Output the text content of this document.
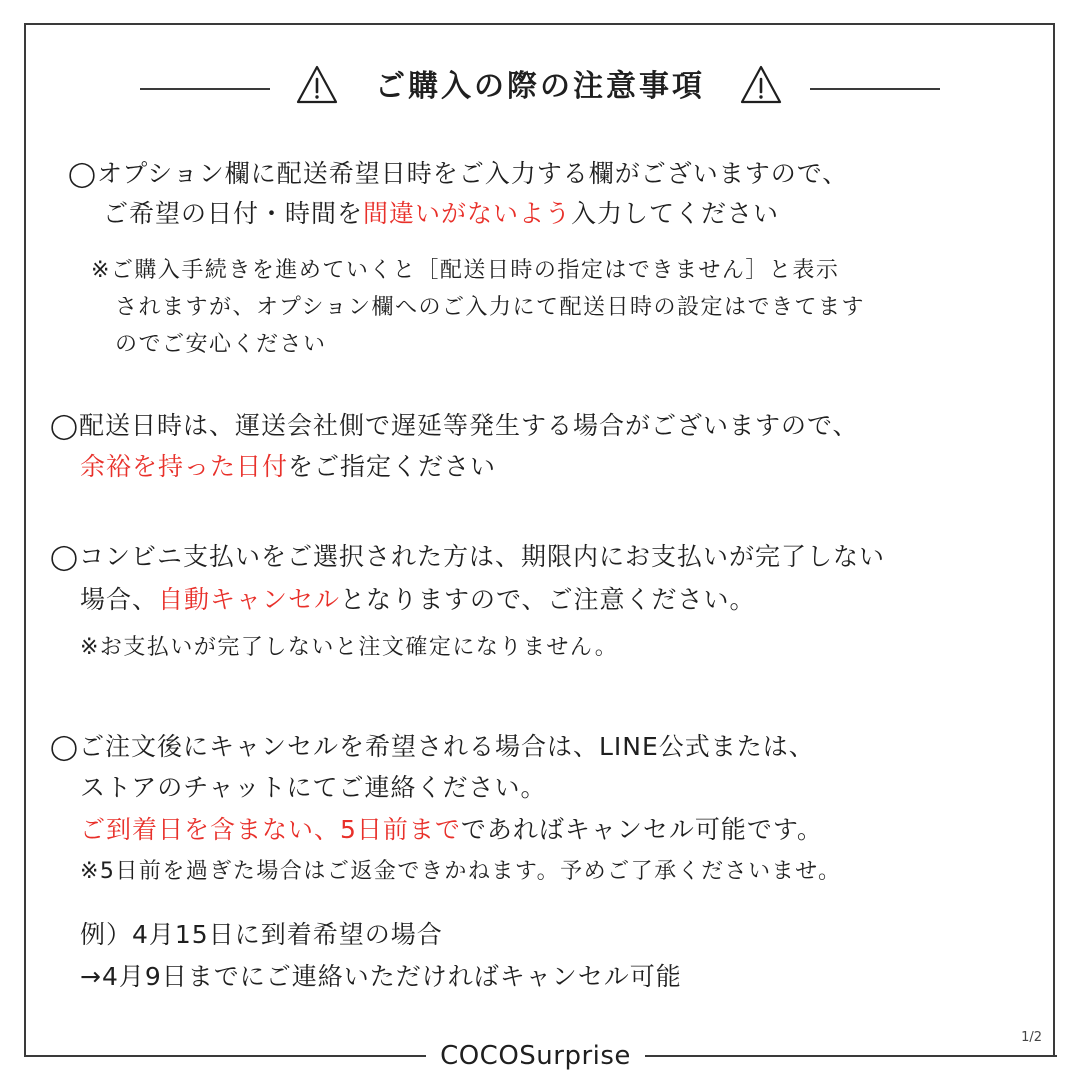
ご購入の際の注意事項
◯オプション欄に配送希望日時をご入力する欄がございますので、
ご希望の日付・時間を間違いがないよう入力してください
※ご購入手続きを進めていくと［配送日時の指定はできません］と表示
されますが、オプション欄へのご入力にて配送日時の設定はできてます
のでご安心ください
◯配送日時は、運送会社側で遅延等発生する場合がございますので、
余裕を持った日付をご指定ください
◯コンビニ支払いをご選択された方は、期限内にお支払いが完了しない
場合、自動キャンセルとなりますので、ご注意ください。
※お支払いが完了しないと注文確定になりません。
◯ご注文後にキャンセルを希望される場合は、LINE公式または、
ストアのチャットにてご連絡ください。
ご到着日を含まない、5日前までであればキャンセル可能です。
※5日前を過ぎた場合はご返金できかねます。予めご了承くださいませ。
例）4月15日に到着希望の場合
→4月9日までにご連絡いただければキャンセル可能
COCOSurprise
1/2
